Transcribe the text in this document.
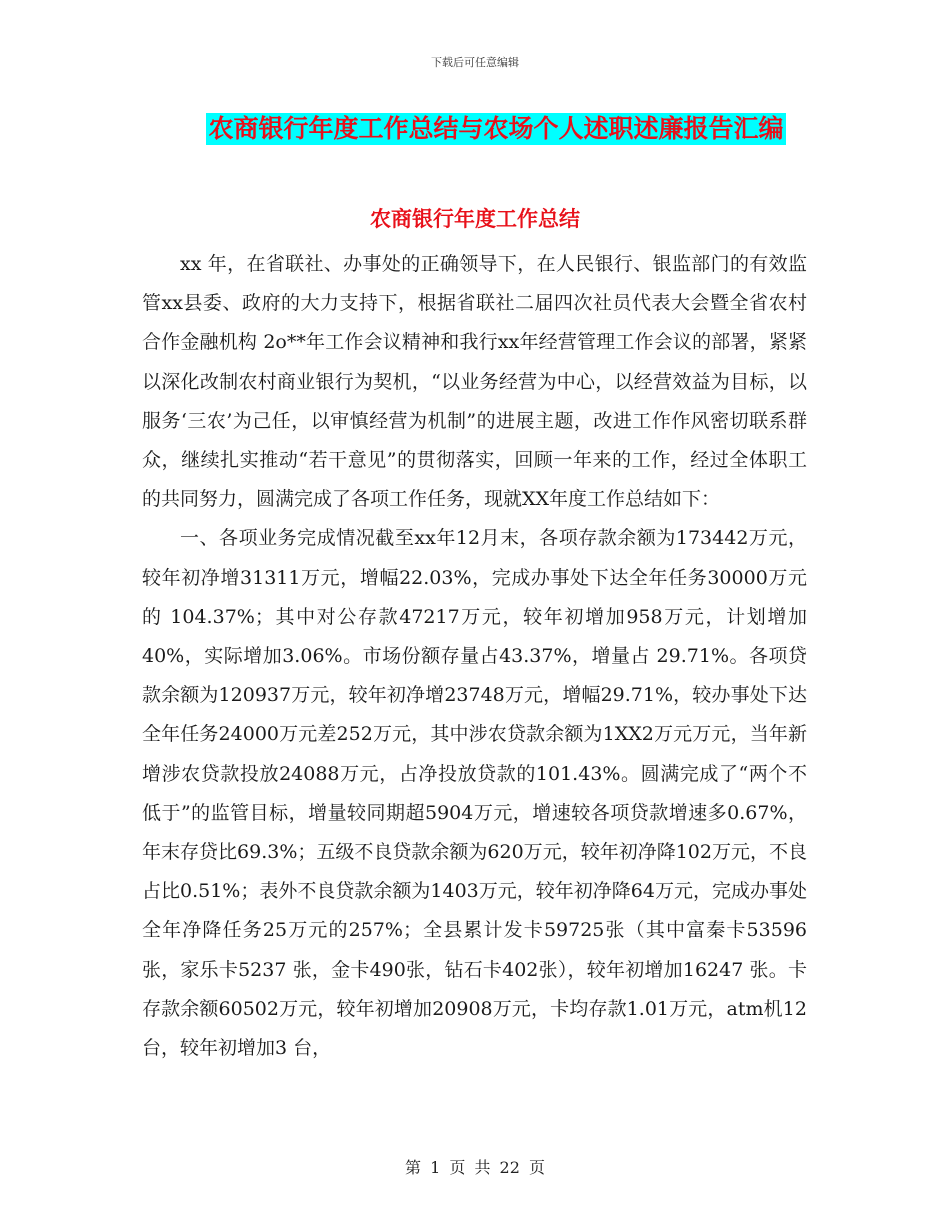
下载后可任意编辑
农商银行年度工作总结与农场个人述职述廉报告汇编
农商银行年度工作总结

xx 年，在省联社、办事处的正确领导下，在人民银行、银监部门的有效监管xx县委、政府的大力支持下，根据省联社二届四次社员代表大会暨全省农村合作金融机构 2o**年工作会议精神和我行xx年经营管理工作会议的部署，紧紧以深化改制农村商业银行为契机，“以业务经营为中心，以经营效益为目标，以服务‘三农’为己任，以审慎经营为机制”的进展主题，改进工作作风密切联系群众，继续扎实推动“若干意见”的贯彻落实，回顾一年来的工作，经过全体职工的共同努力，圆满完成了各项工作任务，现就XX年度工作总结如下：

一、各项业务完成情况截至xx年12月末，各项存款余额为173442万元，较年初净增31311万元，增幅22.03%，完成办事处下达全年任务30000万元的 104.37%；其中对公存款47217万元，较年初增加958万元，计划增加40%，实际增加3.06%。市场份额存量占43.37%，增量占 29.71%。各项贷款余额为120937万元，较年初净增23748万元，增幅29.71%，较办事处下达全年任务24000万元差252万元，其中涉农贷款余额为1XX2万元万元，当年新增涉农贷款投放24088万元，占净投放贷款的101.43%。圆满完成了“两个不低于”的监管目标，增量较同期超5904万元，增速较各项贷款增速多0.67%，年末存贷比69.3%；五级不良贷款余额为620万元，较年初净降102万元，不良占比0.51%；表外不良贷款余额为1403万元，较年初净降64万元，完成办事处全年净降任务25万元的257%；全县累计发卡59725张（其中富秦卡53596 张，家乐卡5237 张，金卡490张，钻石卡402张），较年初增加16247 张。卡存款余额60502万元，较年初增加20908万元，卡均存款1.01万元，atm机12台，较年初增加3 台，

第 1 页 共 22 页
